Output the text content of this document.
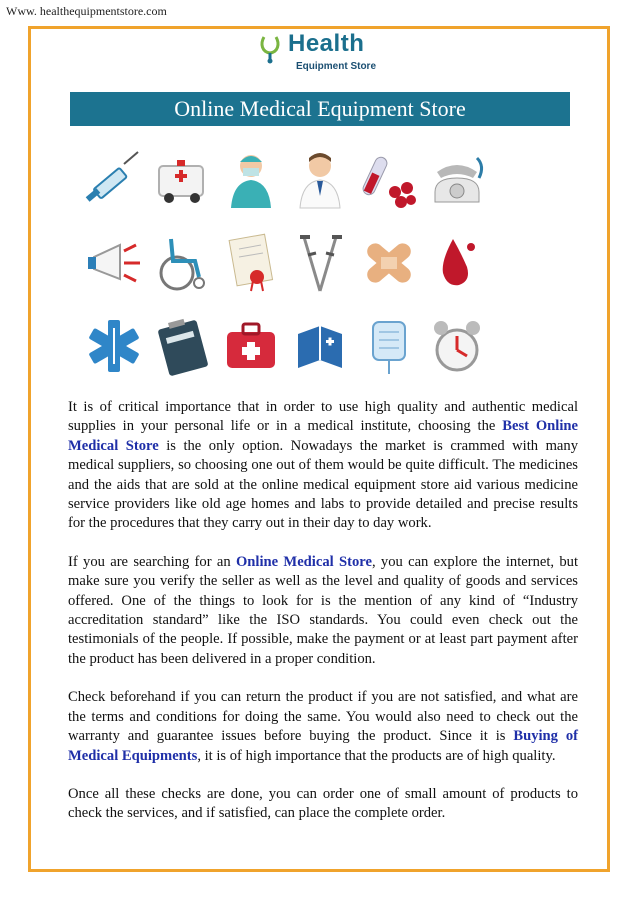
Www. healthequipmentstore.com
Health
Equipment Store
Online Medical Equipment Store

It is of critical importance that in order to use high quality and authentic medical supplies in your personal life or in a medical institute, choosing the Best Online Medical Store is the only option. Nowadays the market is crammed with many medical suppliers, so choosing one out of them would be quite difficult. The medicines and the aids that are sold at the online medical equipment store aid various medicine service providers like old age homes and labs to provide detailed and precise results for the procedures that they carry out in their day to day work.

If you are searching for an Online Medical Store, you can explore the internet, but make sure you verify the seller as well as the level and quality of goods and services offered. One of the things to look for is the mention of any kind of “Industry accreditation standard” like the ISO standards. You could even check out the testimonials of the people. If possible, make the payment or at least part payment after the product has been delivered in a proper condition.

Check beforehand if you can return the product if you are not satisfied, and what are the terms and conditions for doing the same. You would also need to check out the warranty and guarantee issues before buying the product. Since it is Buying of Medical Equipments, it is of high importance that the products are of high quality.

Once all these checks are done, you can order one of small amount of products to check the services, and if satisfied, can place the complete order.
